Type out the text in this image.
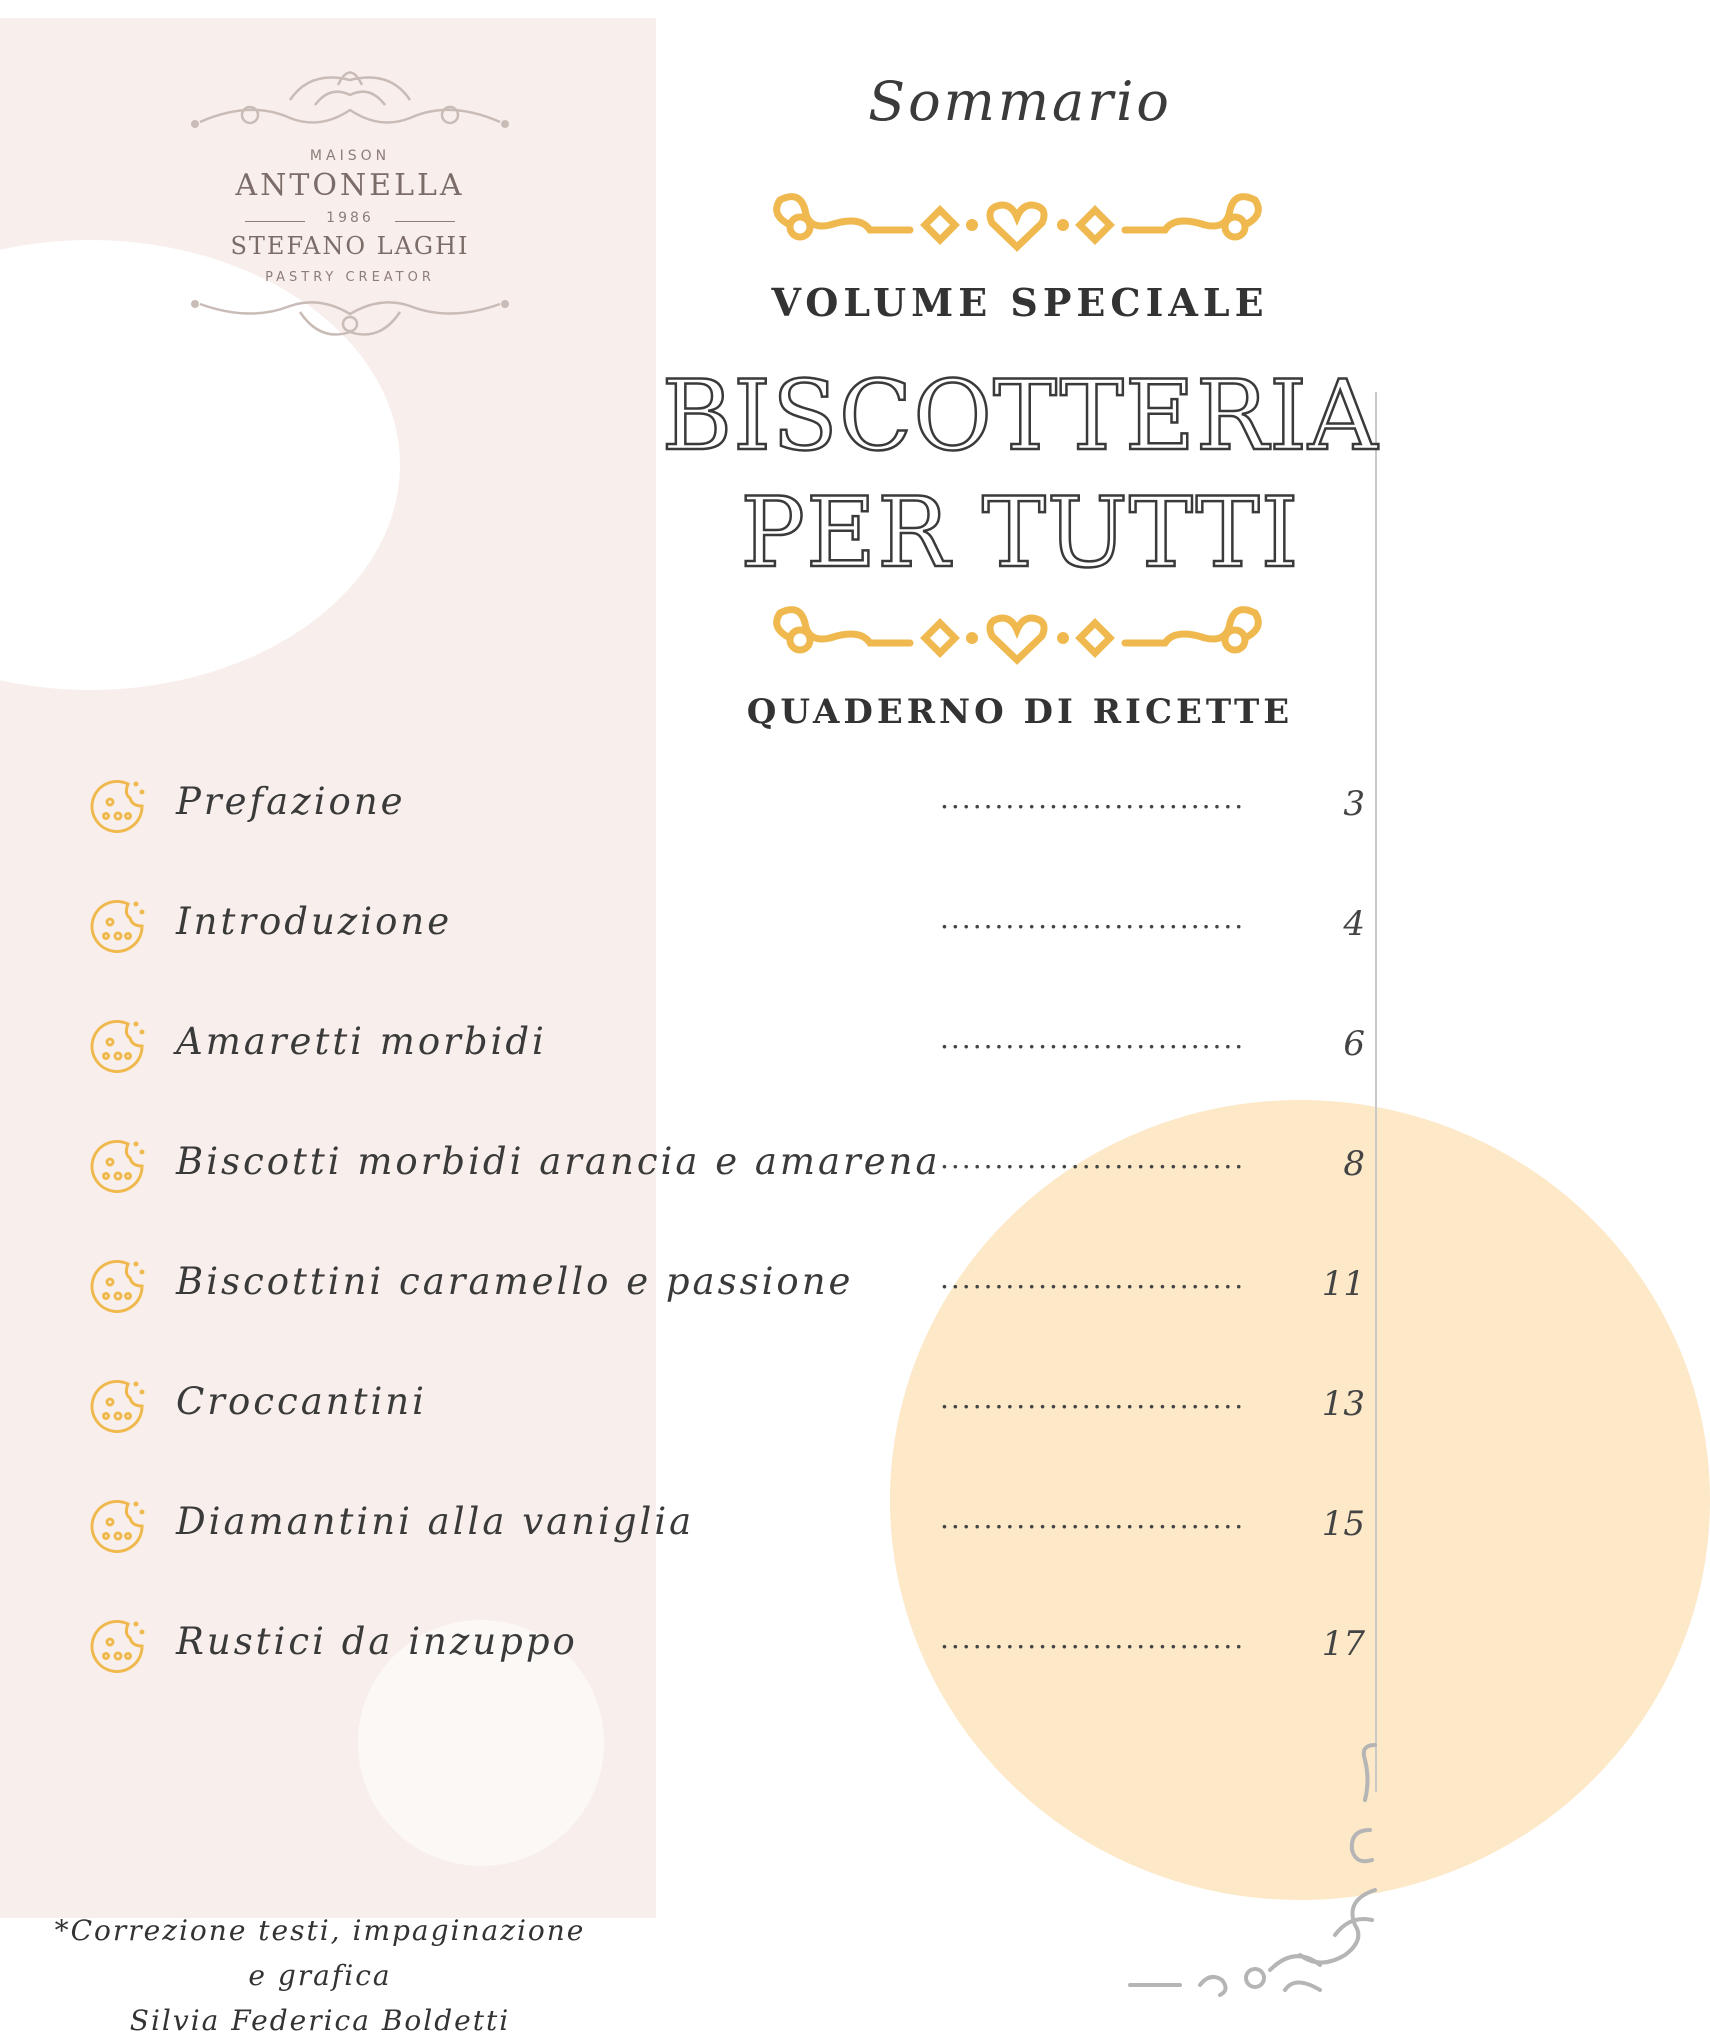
MAISON
ANTONELLA
1986
STEFANO LAGHI
PASTRY CREATOR
Sommario
VOLUME SPECIALE
BISCOTTERIA
PER TUTTI
QUADERNO DI RICETTE
Prefazione	............................	3
Introduzione	............................	4
Amaretti morbidi	............................	6
Biscotti morbidi arancia e amarena ............................	8
Biscottini caramello e passione	............................	11
Croccantini	............................	13
Diamantini alla vaniglia	............................	15
Rustici da inzuppo	............................	17
*Correzione testi, impaginazione e grafica
Silvia Federica Boldetti
